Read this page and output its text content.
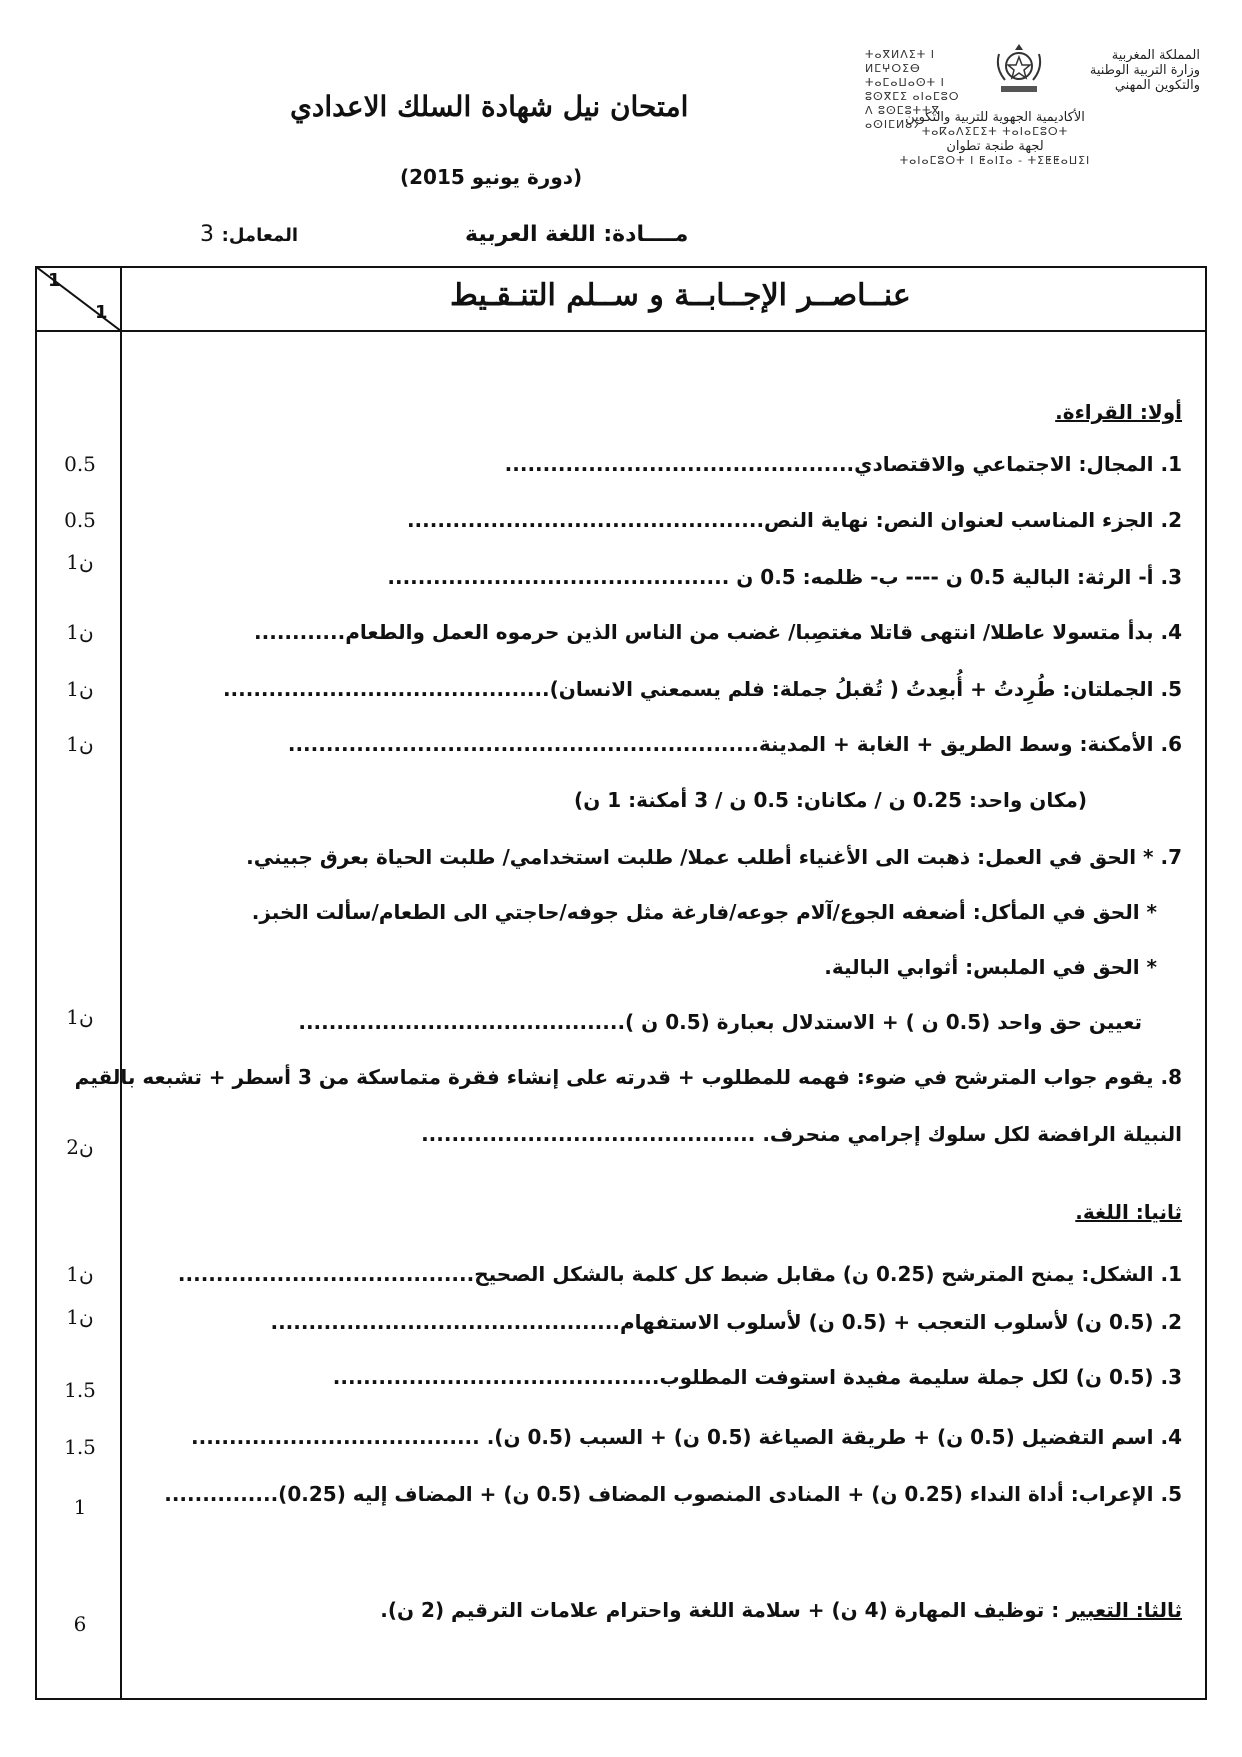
المملكة المغربية
وزارة التربية الوطنية
والتكوين المهني
الأكاديمية الجهوية للتربية والتكوين
ⵜⴰⴽⴰⴷⵉⵎⵉⵜ ⵜⴰⵏⴰⵎⵓⵔⵜ
لجهة طنجة تطوان
ⵜⴰⵏⴰⵎⵓⵔⵜ ⵏ ⵟⴰⵏⵊⴰ - ⵜⵉⵟⵟⴰⵡⵉⵏ
ⵜⴰⴳⵍⴷⵉⵜ ⵏ ⵍⵎⵖⵔⵉⴱ
ⵜⴰⵎⴰⵡⴰⵙⵜ ⵏ ⵓⵙⴳⵎⵉ ⴰⵏⴰⵎⵓⵔ
ⴷ ⵓⵙⵎⵓⵜⵜⴳ ⴰⵙⵏⵎⵍⴰⵢ
امتحان نيل شهادة السلك الاعدادي
(دورة يونيو 2015)
مــــادة: اللغة العربية
المعامل: 3
1
1	عنــاصــر الإجــابــة و ســلم التنـقـيط
أولا: القراءة.
1. المجال: الاجتماعي والاقتصادي..............................................
0.5
2. الجزء المناسب لعنوان النص: نهاية النص...............................................
0.5
3. أ- الرثة: البالية 0.5 ن ---- ب- ظلمه: 0.5 ن .............................................
1ن
4. بدأ متسولا عاطلا/ انتهى قاتلا مغتصِبا/ غضب من الناس الذين حرموه العمل والطعام............
1ن
5. الجملتان: طُرِدتُ + أُبعِدتُ ( تُقبلُ جملة: فلم يسمعني الانسان)...........................................
1ن
6. الأمكنة: وسط الطريق + الغابة + المدينة..............................................................
1ن
(مكان واحد: 0.25 ن / مكانان: 0.5 ن / 3 أمكنة: 1 ن)
7. * الحق في العمل: ذهبت الى الأغنياء أطلب عملا/ طلبت استخدامي/ طلبت الحياة بعرق جبيني.
* الحق في المأكل: أضعفه الجوع/آلام جوعه/فارغة مثل جوفه/حاجتي الى الطعام/سألت الخبز.
* الحق في الملبس: أثوابي البالية.
تعيين حق واحد (0.5 ن ) + الاستدلال بعبارة (0.5 ن )...........................................
1ن
8. يقوم جواب المترشح في ضوء: فهمه للمطلوب + قدرته على إنشاء فقرة متماسكة من 3 أسطر + تشبعه بالقيم
النبيلة الرافضة لكل سلوك إجرامي منحرف. ............................................
2ن
ثانيا: اللغة.
1. الشكل: يمنح المترشح (0.25 ن) مقابل ضبط كل كلمة بالشكل الصحيح.......................................
1ن
2. (0.5 ن) لأسلوب التعجب + (0.5 ن) لأسلوب الاستفهام..............................................
1ن
3. (0.5 ن) لكل جملة سليمة مفيدة استوفت المطلوب...........................................
1.5
4. اسم التفضيل (0.5 ن) + طريقة الصياغة (0.5 ن) + السبب (0.5 ن). ......................................
1.5
5. الإعراب: أداة النداء (0.25 ن) + المنادى المنصوب المضاف (0.5 ن) + المضاف إليه (0.25)...............
1
ثالثا: التعبير : توظيف المهارة (4 ن) + سلامة اللغة واحترام علامات الترقيم (2 ن).
6
